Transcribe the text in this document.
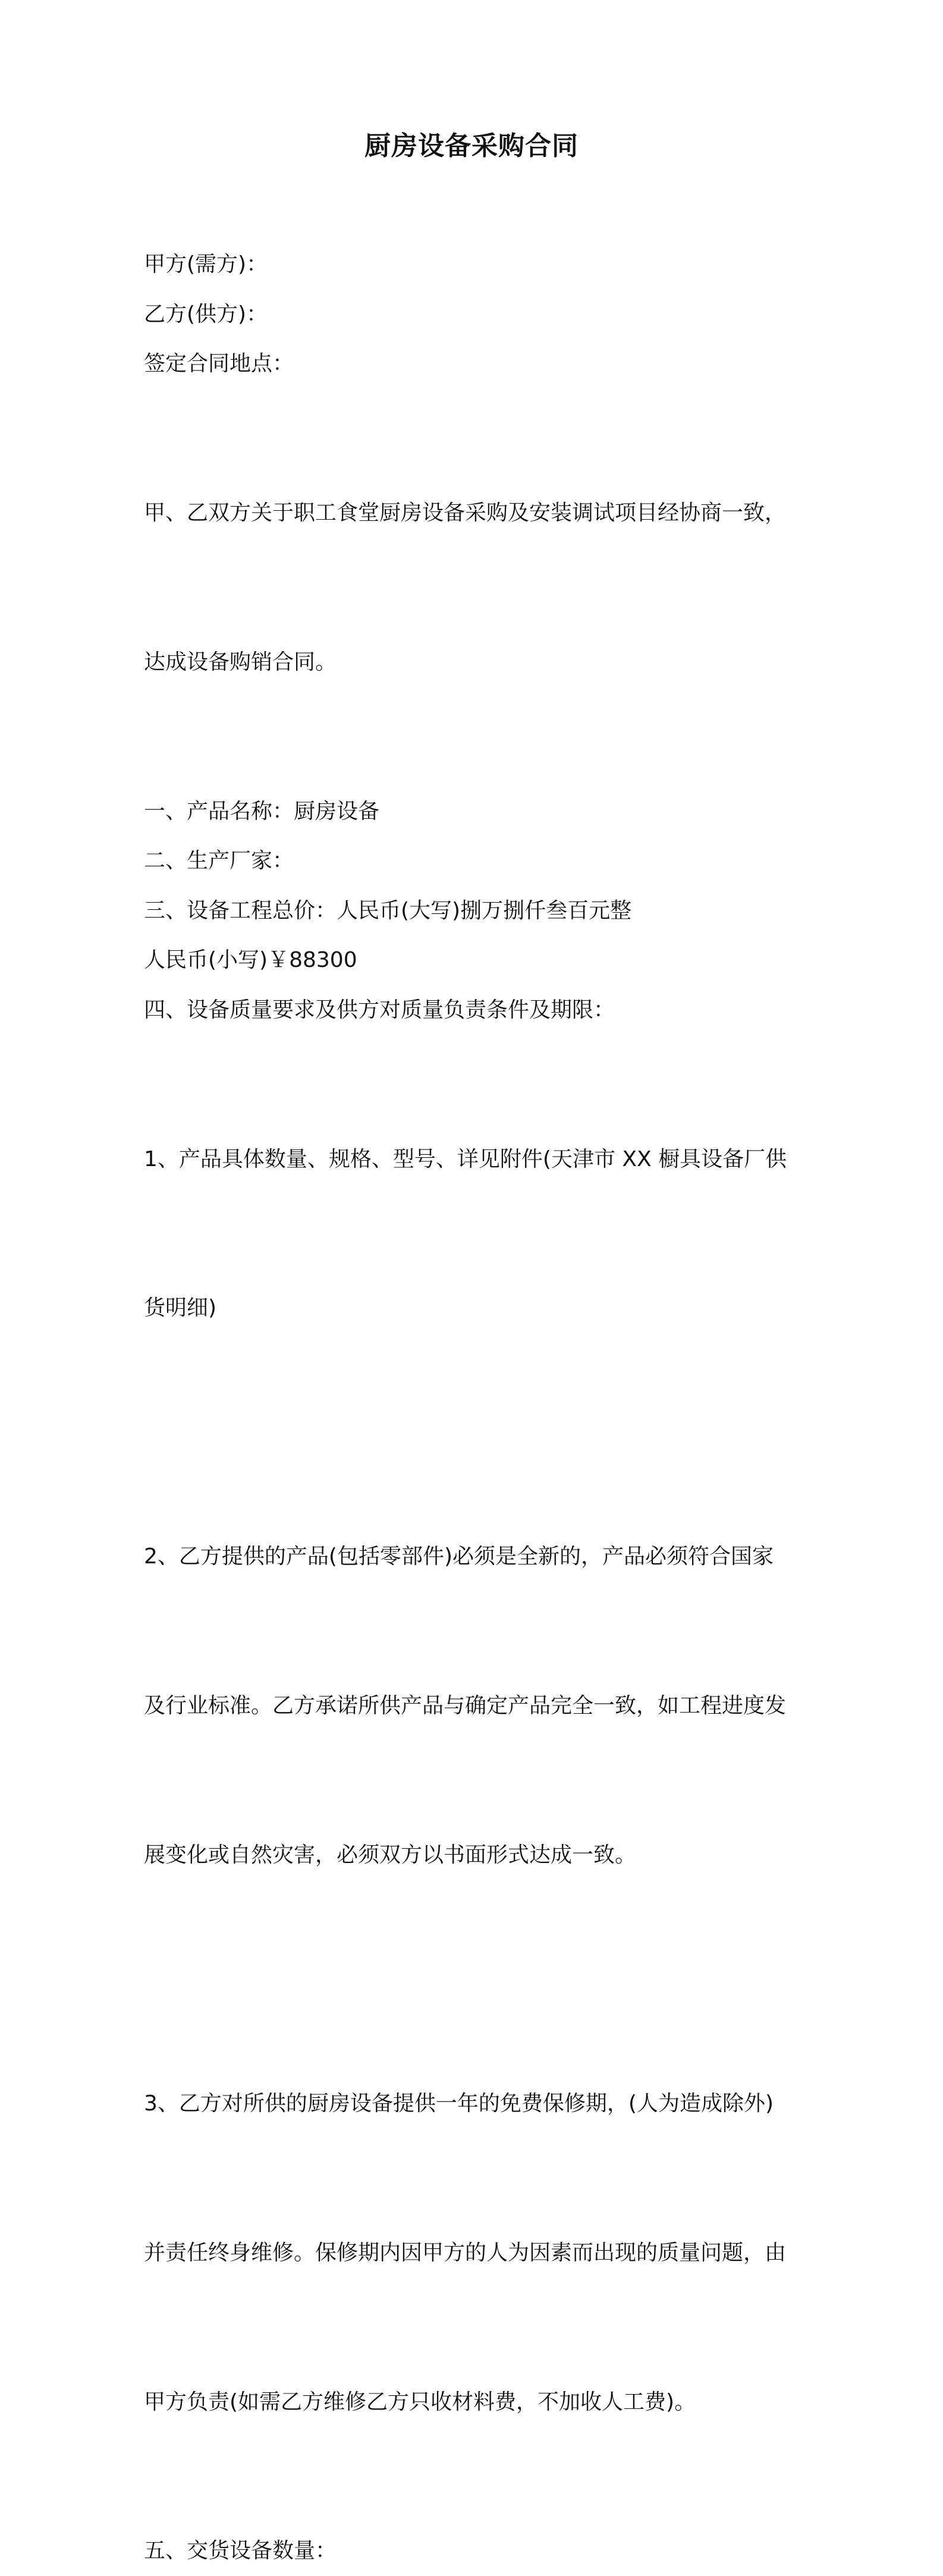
厨房设备采购合同

甲方(需方)：

乙方(供方)：

签定合同地点：

甲、乙双方关于职工食堂厨房设备采购及安装调试项目经协商一致，

达成设备购销合同。

一、产品名称：厨房设备

二、生产厂家：

三、设备工程总价：人民币(大写)捌万捌仟叁百元整

人民币(小写)￥88300

四、设备质量要求及供方对质量负责条件及期限：

1、产品具体数量、规格、型号、详见附件(天津市 XX 橱具设备厂供

货明细)

2、乙方提供的产品(包括零部件)必须是全新的，产品必须符合国家

及行业标准。乙方承诺所供产品与确定产品完全一致，如工程进度发

展变化或自然灾害，必须双方以书面形式达成一致。

3、乙方对所供的厨房设备提供一年的免费保修期，(人为造成除外)

并责任终身维修。保修期内因甲方的人为因素而出现的质量问题，由

甲方负责(如需乙方维修乙方只收材料费，不加收人工费)。

五、交货设备数量：
